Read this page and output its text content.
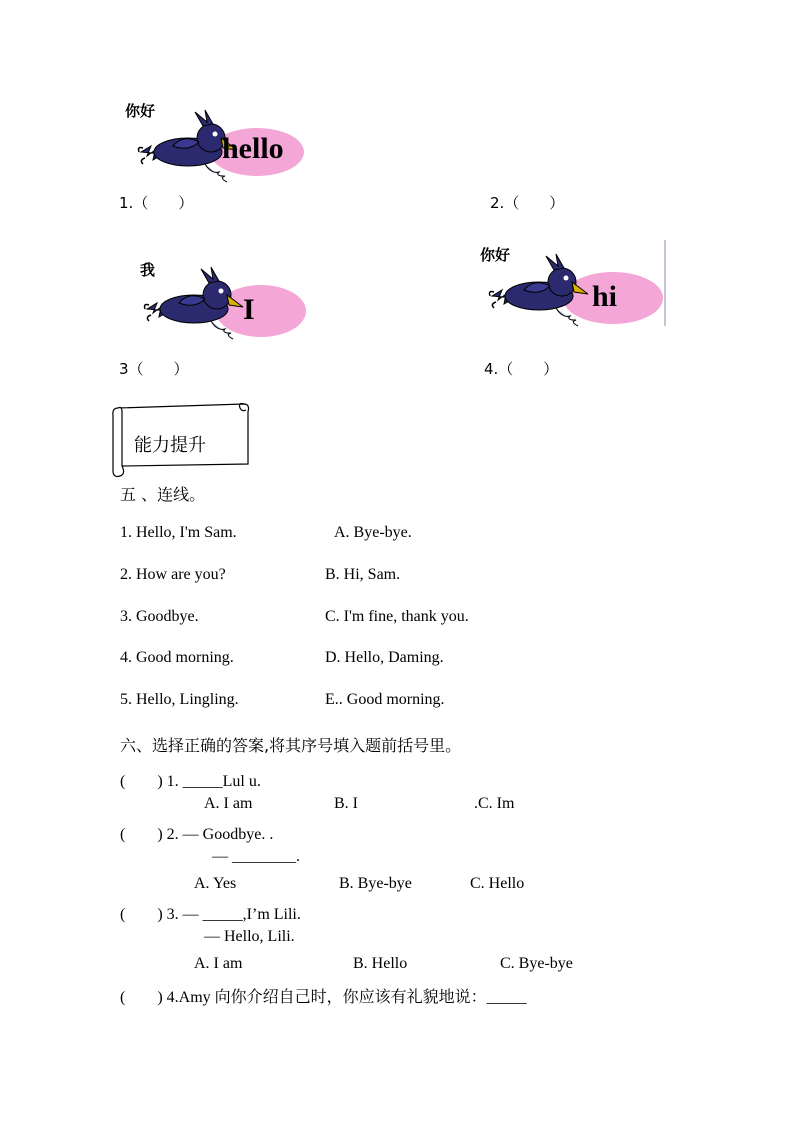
你好
hello
1.（　　）	2.（　　）
我
I
你好
hi
3（　　）	4.（　　）
能力提升
五 、连线。
1. Hello, I'm Sam.	A. Bye-bye.
2. How are you?	B. Hi, Sam.
3. Goodbye.	C. I'm fine, thank you.
4. Good morning.	D. Hello, Daming.
5. Hello, Lingling.	E.. Good morning.
六、选择正确的答案,将其序号填入题前括号里。
(　　) 1. _____Lul u.
A. I am	B. I	.C. Im
(　　) 2. — Goodbye. .
— ________.
A. Yes	B. Bye-bye	C. Hello
(　　) 3. — _____,I’m Lili.
— Hello, Lili.
A. I am	B. Hello	C. Bye-bye
(　　) 4.Amy 向你介绍自己时，你应该有礼貌地说：_____
